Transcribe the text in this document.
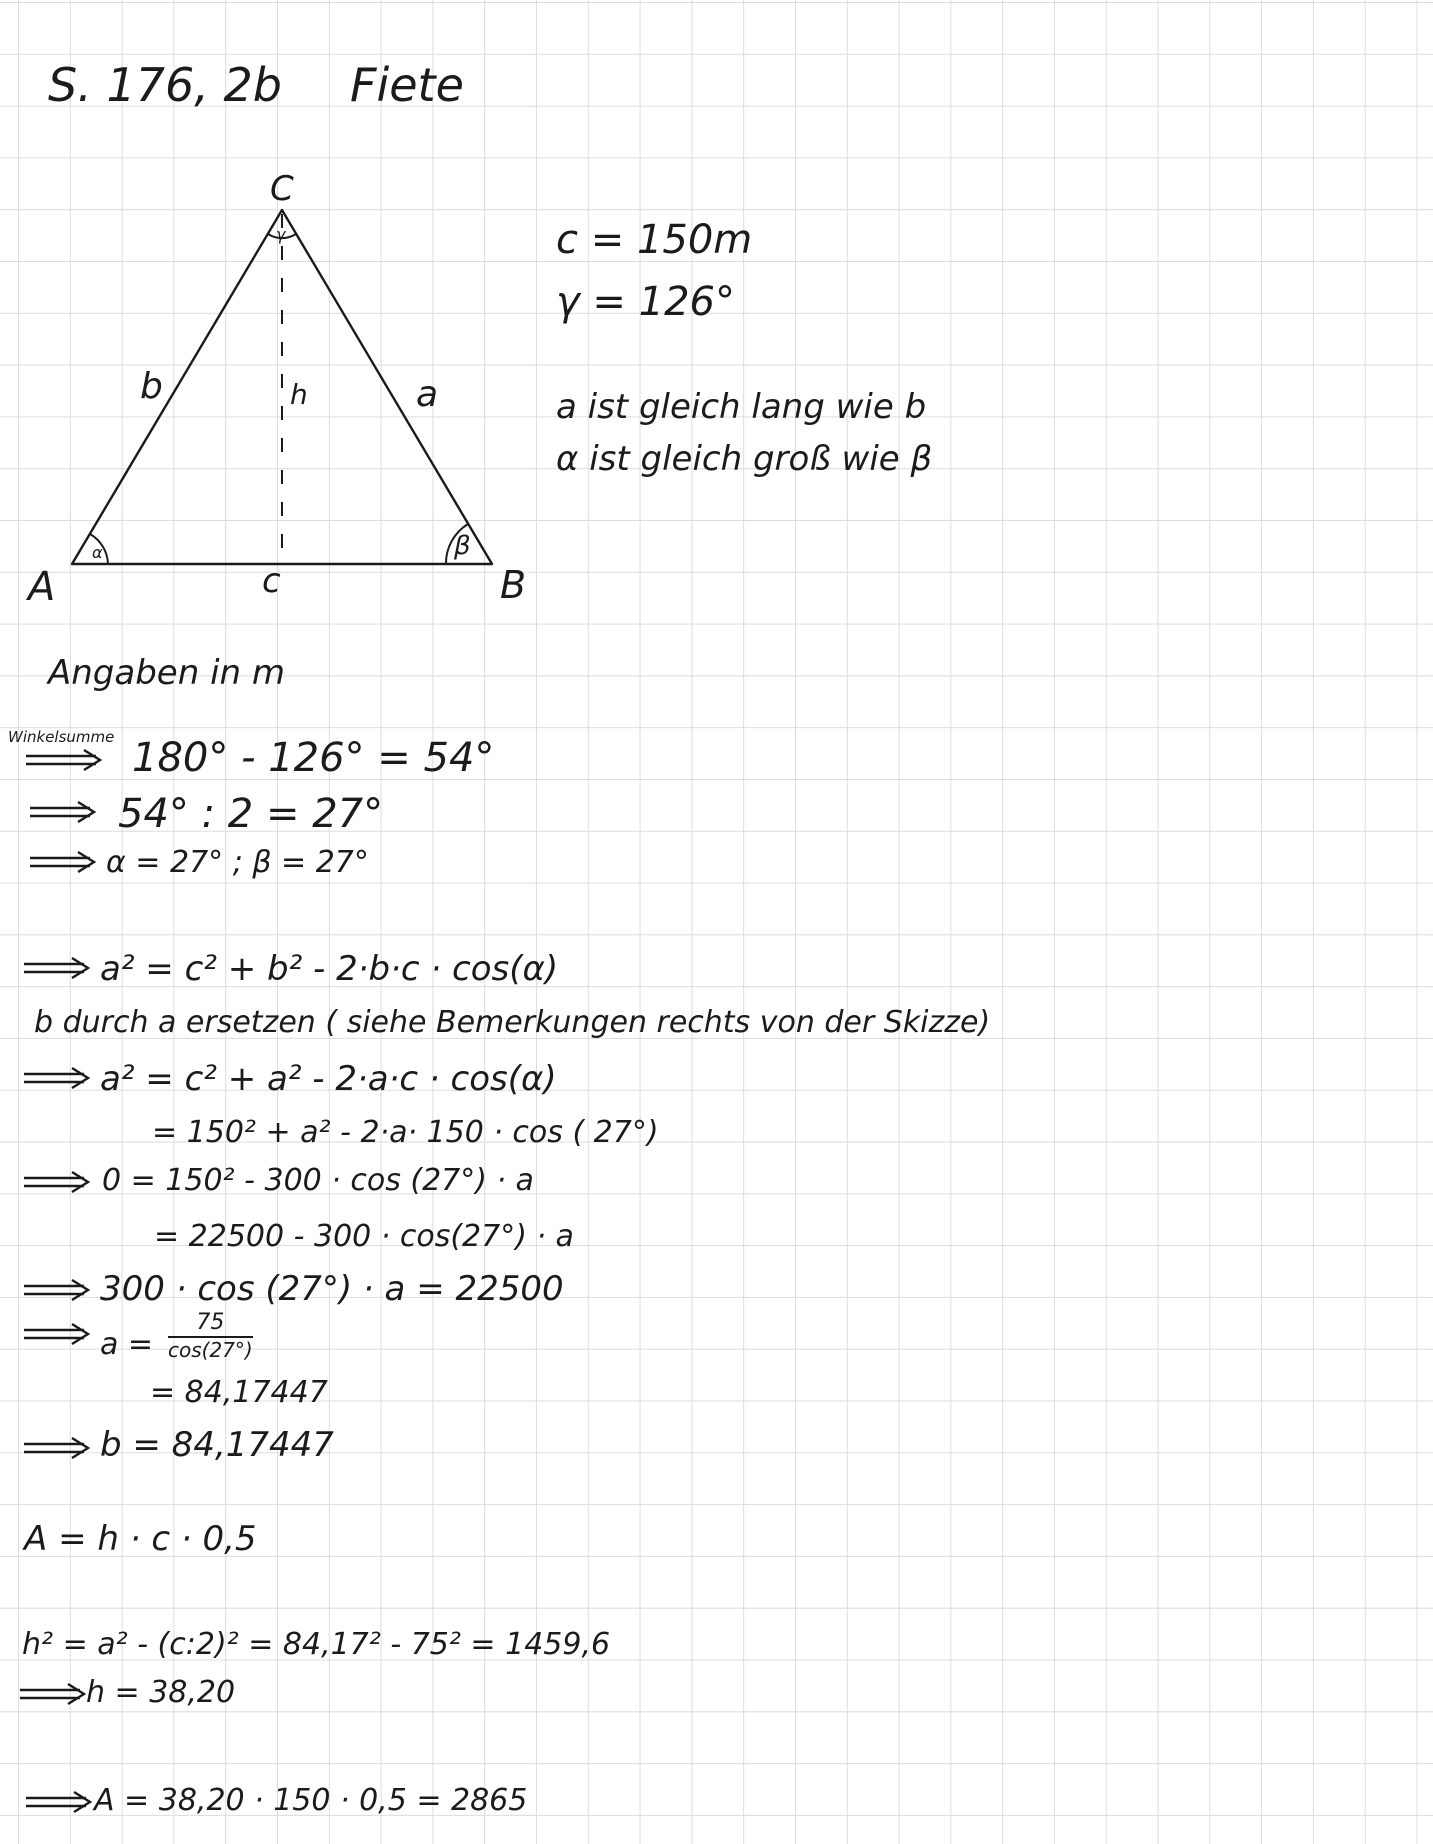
S. 176, 2b Fiete
A	B
C
b	a
c
h
α	β
γ	c = 150m
γ = 126°
a ist gleich lang wie b
α ist gleich groß wie β
Angaben in m
Winkelsumme 180° - 126° = 54°
54° : 2 = 27°
α = 27° ; β = 27°
a² = c² + b² - 2·b·c · cos(α)
b durch a ersetzen ( siehe Bemerkungen rechts von der Skizze)
a² = c² + a² - 2·a·c · cos(α)
= 150² + a² - 2·a· 150 · cos ( 27°)
0 = 150² - 300 · cos (27°) · a
= 22500 - 300 · cos(27°) · a
300 · cos (27°) · a = 22500
$a = \frac{75}{\cos(27^\circ)}$
= 84,17447
b = 84,17447
A = h · c · 0,5
h² = a² - (c:2)² = 84,17² - 75² = 1459,6
h = 38,20
A = 38,20 · 150 · 0,5 = 2865
